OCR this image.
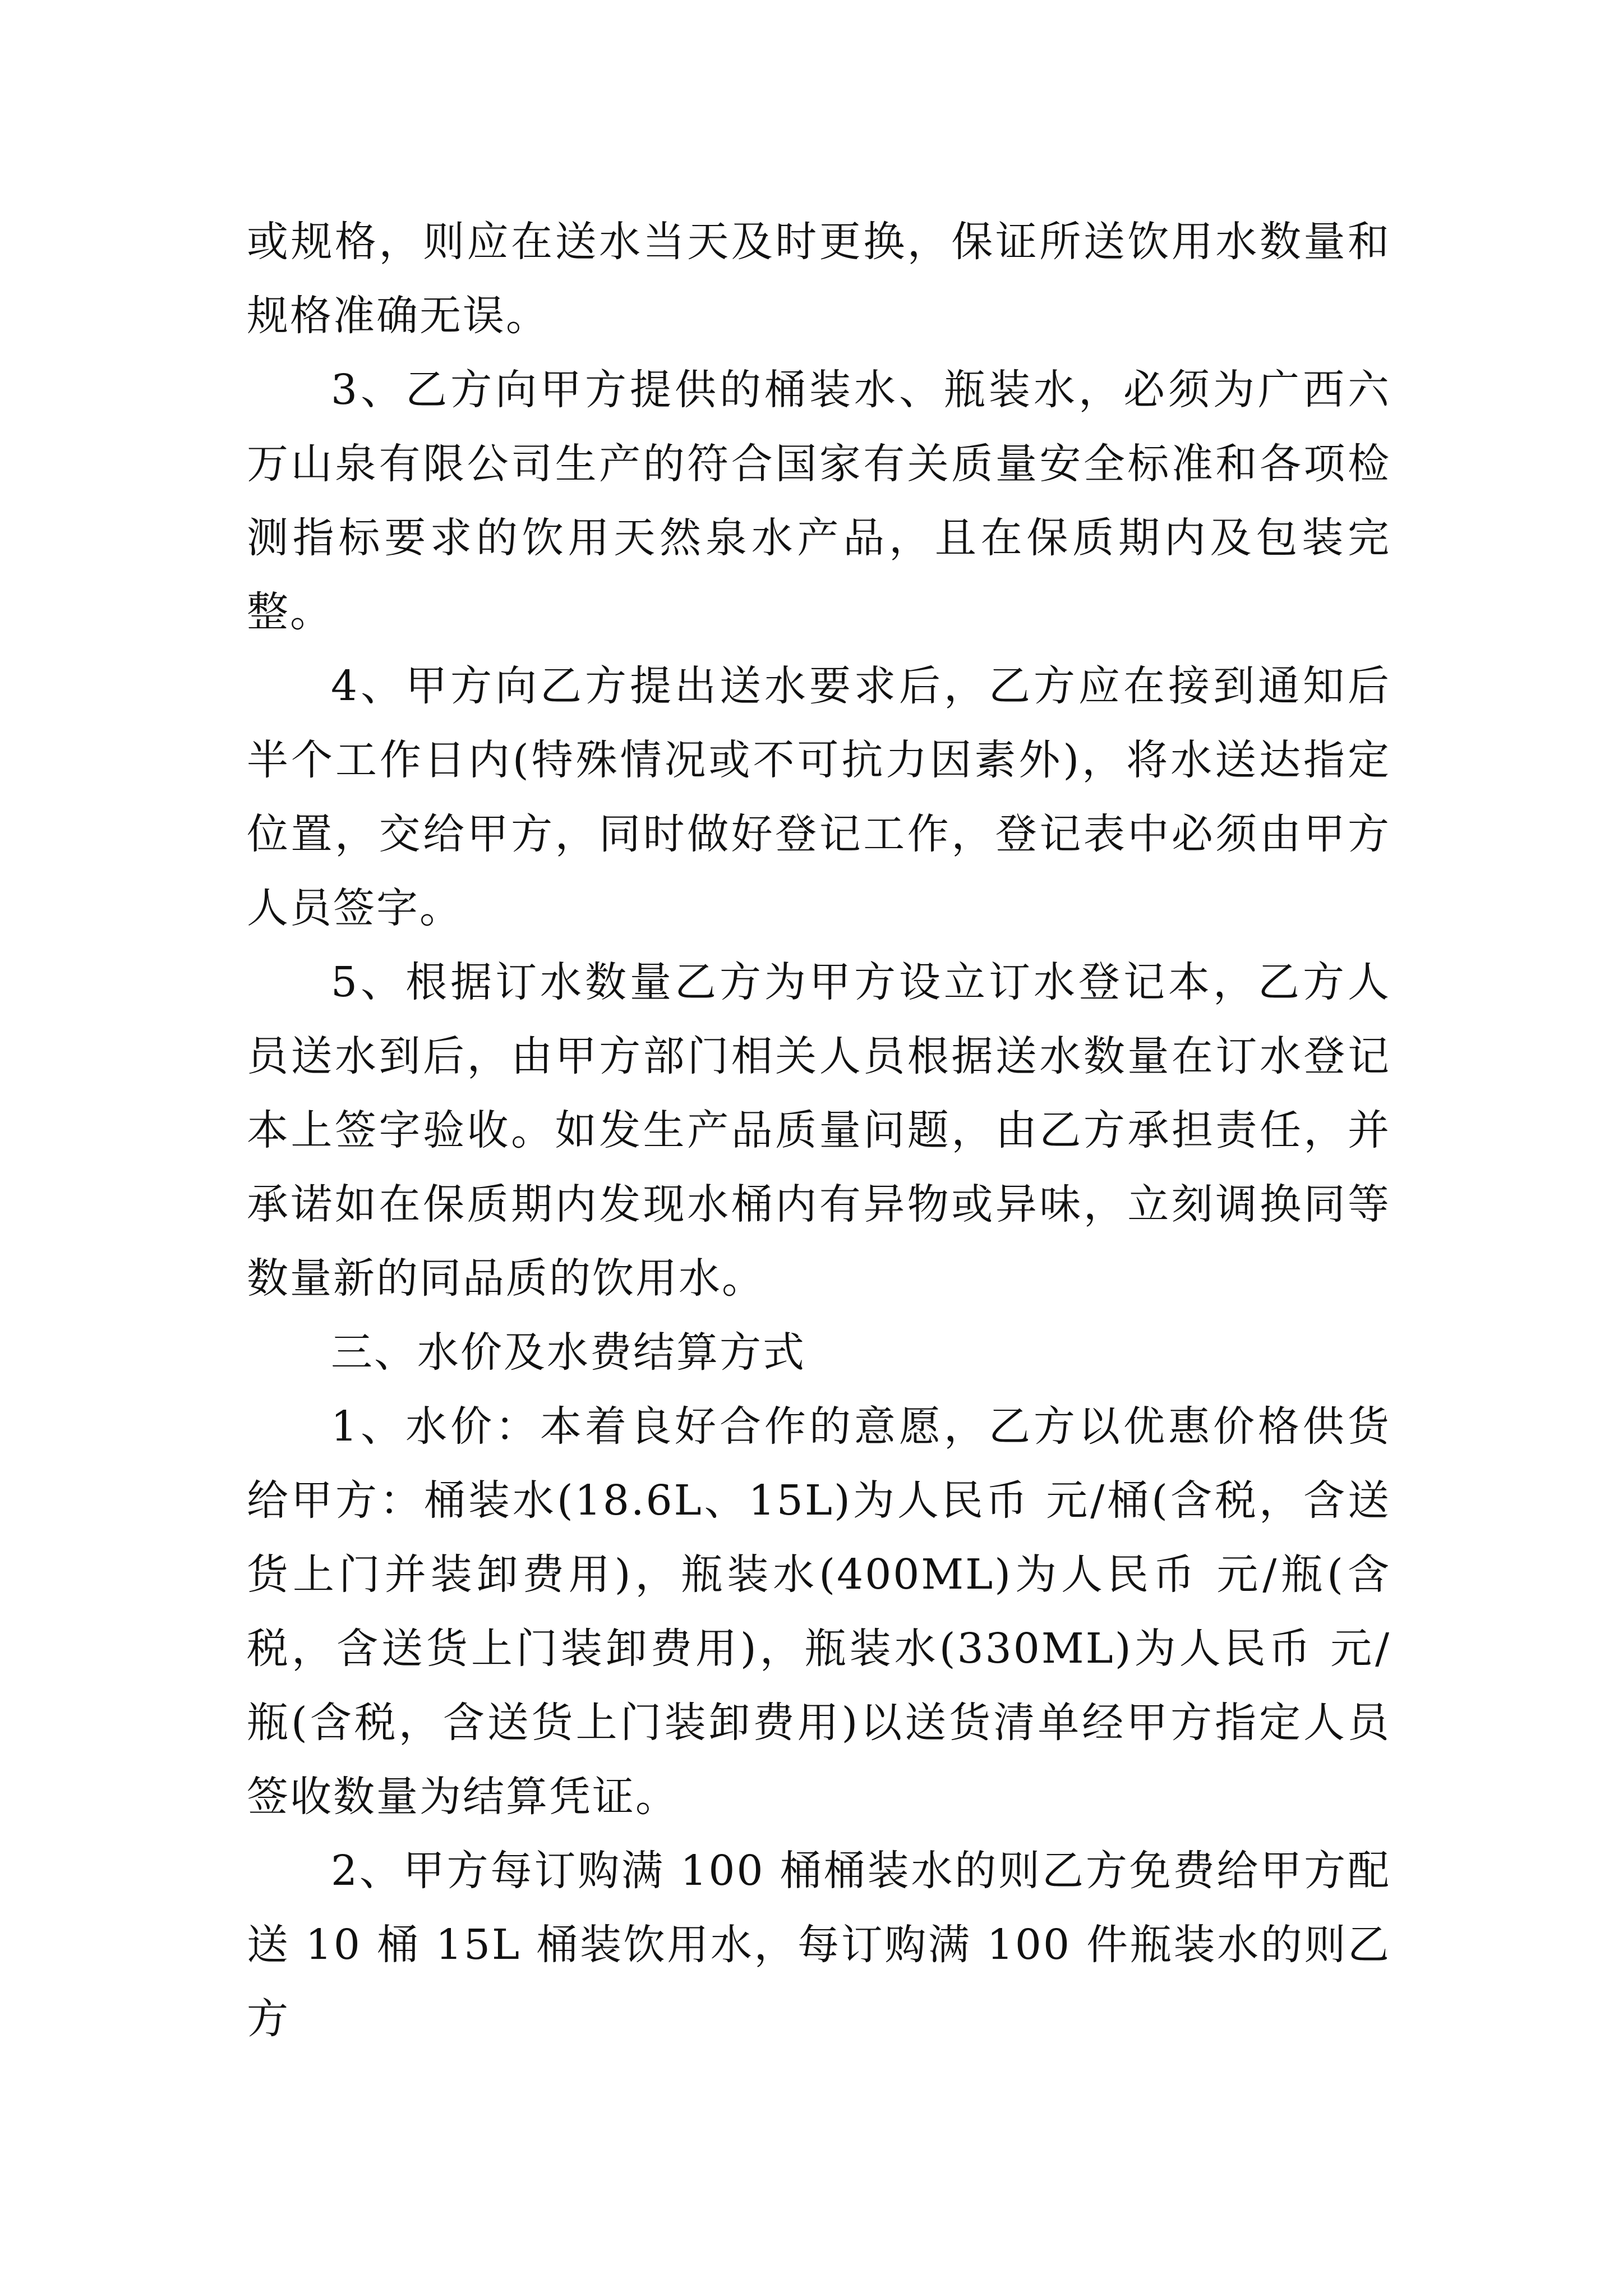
或规格，则应在送水当天及时更换，保证所送饮用水数量和规格准确无误。

3、乙方向甲方提供的桶装水、瓶装水，必须为广西六万山泉有限公司生产的符合国家有关质量安全标准和各项检测指标要求的饮用天然泉水产品，且在保质期内及包装完整。

4、甲方向乙方提出送水要求后，乙方应在接到通知后半个工作日内(特殊情况或不可抗力因素外)，将水送达指定位置，交给甲方，同时做好登记工作，登记表中必须由甲方人员签字。

5、根据订水数量乙方为甲方设立订水登记本，乙方人员送水到后，由甲方部门相关人员根据送水数量在订水登记本上签字验收。如发生产品质量问题，由乙方承担责任，并承诺如在保质期内发现水桶内有异物或异味，立刻调换同等数量新的同品质的饮用水。

三、水价及水费结算方式

1、水价：本着良好合作的意愿，乙方以优惠价格供货给甲方：桶装水(18.6L、15L)为人民币 元/桶(含税，含送货上门并装卸费用)，瓶装水(400ML)为人民币 元/瓶(含税，含送货上门装卸费用)，瓶装水(330ML)为人民币 元/瓶(含税，含送货上门装卸费用)以送货清单经甲方指定人员签收数量为结算凭证。

2、甲方每订购满 100 桶桶装水的则乙方免费给甲方配送 10 桶 15L 桶装饮用水，每订购满 100 件瓶装水的则乙方
